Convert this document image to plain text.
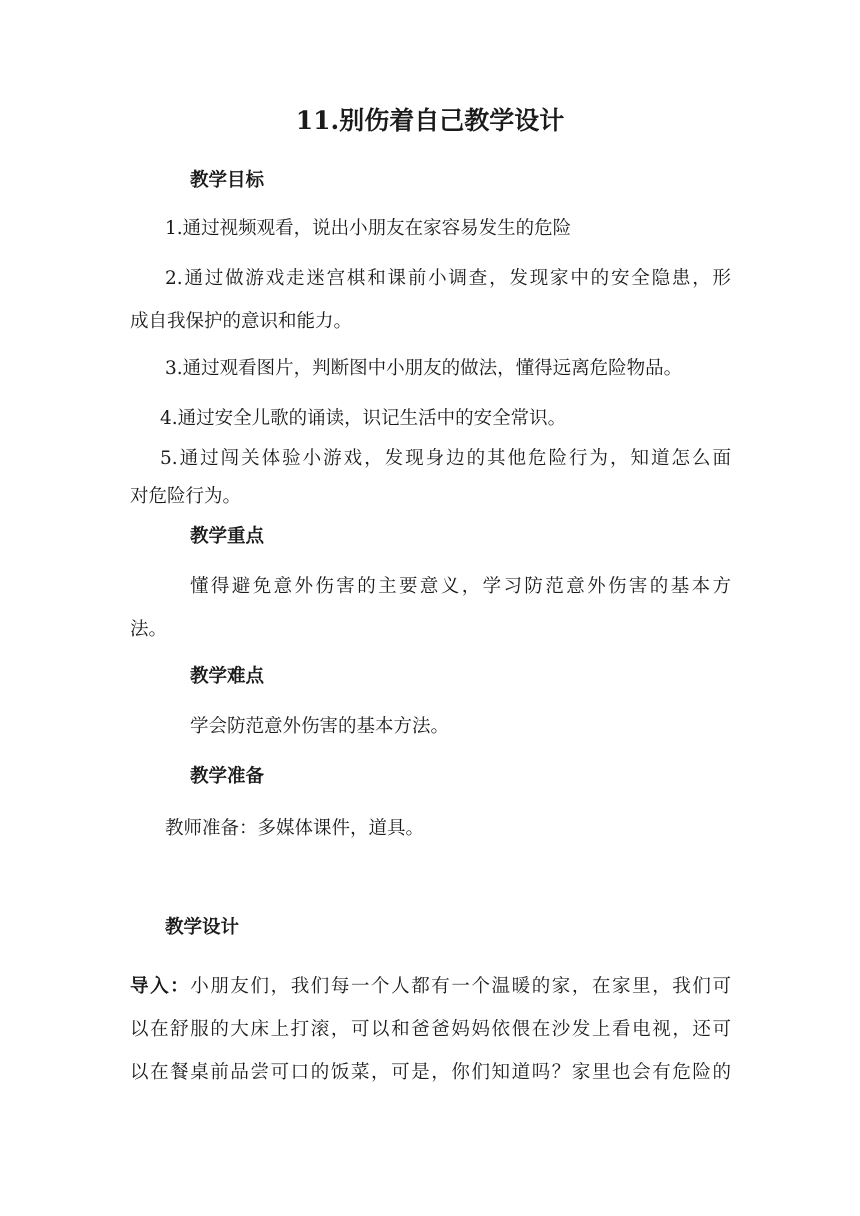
11.别伤着自己教学设计
教学目标
1.通过视频观看，说出小朋友在家容易发生的危险
2.通过做游戏走迷宫棋和课前小调查，发现家中的安全隐患，形
成自我保护的意识和能力。
3.通过观看图片，判断图中小朋友的做法，懂得远离危险物品。
4.通过安全儿歌的诵读，识记生活中的安全常识。
5.通过闯关体验小游戏，发现身边的其他危险行为，知道怎么面
对危险行为。
教学重点
懂得避免意外伤害的主要意义，学习防范意外伤害的基本方
法。
教学难点
学会防范意外伤害的基本方法。
教学准备
教师准备：多媒体课件，道具。
教学设计
导入：小朋友们，我们每一个人都有一个温暖的家，在家里，我们可
以在舒服的大床上打滚，可以和爸爸妈妈依偎在沙发上看电视，还可
以在餐桌前品尝可口的饭菜，可是，你们知道吗？家里也会有危险的
